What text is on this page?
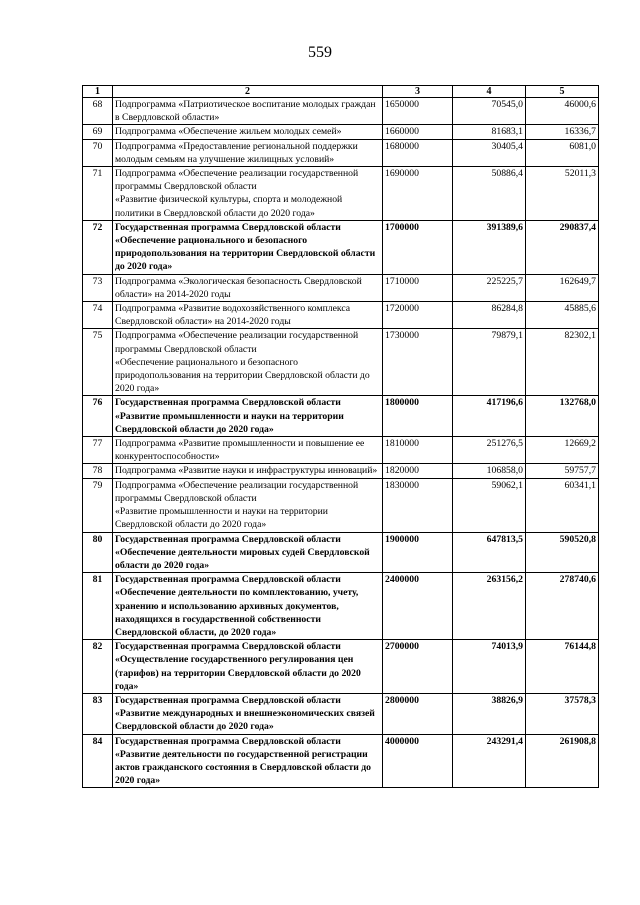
559
1	2	3	4	5
68	Подпрограмма «Патриотическое воспитание молодых граждан в Свердловской области»	1650000	70545,0	46000,6
69	Подпрограмма «Обеспечение жильем молодых семей»	1660000	81683,1	16336,7
70	Подпрограмма «Предоставление региональной поддержки молодым семьям на улучшение жилищных условий»	1680000	30405,4	6081,0
71	Подпрограмма «Обеспечение реализации государственной программы Свердловской области
«Развитие физической культуры, спорта и молодежной политики в Свердловской области до 2020 года»	1690000	50886,4	52011,3
72	Государственная программа Свердловской области «Обеспечение рационального и безопасного природопользования на территории Свердловской области до 2020 года»	1700000	391389,6	290837,4
73	Подпрограмма «Экологическая безопасность Свердловской области» на 2014-2020 годы	1710000	225225,7	162649,7
74	Подпрограмма «Развитие водохозяйственного комплекса Свердловской области» на 2014-2020 годы	1720000	86284,8	45885,6
75	Подпрограмма «Обеспечение реализации государственной программы Свердловской области
«Обеспечение рационального и безопасного природопользования на территории Свердловской области до 2020 года»	1730000	79879,1	82302,1
76	Государственная программа Свердловской области «Развитие промышленности и науки на территории Свердловской области до 2020 года»	1800000	417196,6	132768,0
77	Подпрограмма «Развитие промышленности и повышение ее конкурентоспособности»	1810000	251276,5	12669,2
78	Подпрограмма «Развитие науки и инфраструктуры инноваций»	1820000	106858,0	59757,7
79	Подпрограмма «Обеспечение реализации государственной программы Свердловской области
«Развитие промышленности и науки на территории Свердловской области до 2020 года»	1830000	59062,1	60341,1
80	Государственная программа Свердловской области «Обеспечение деятельности мировых судей Свердловской области до 2020 года»	1900000	647813,5	590520,8
81	Государственная программа Свердловской области «Обеспечение деятельности по комплектованию, учету, хранению и использованию архивных документов, находящихся в государственной собственности Свердловской области, до 2020 года»	2400000	263156,2	278740,6
82	Государственная программа Свердловской области «Осуществление государственного регулирования цен (тарифов) на территории Свердловской области до 2020 года»	2700000	74013,9	76144,8
83	Государственная программа Свердловской области «Развитие международных и внешнеэкономических связей Свердловской области до 2020 года»	2800000	38826,9	37578,3
84	Государственная программа Свердловской области «Развитие деятельности по государственной регистрации актов гражданского состояния в Свердловской области до 2020 года»	4000000	243291,4	261908,8
